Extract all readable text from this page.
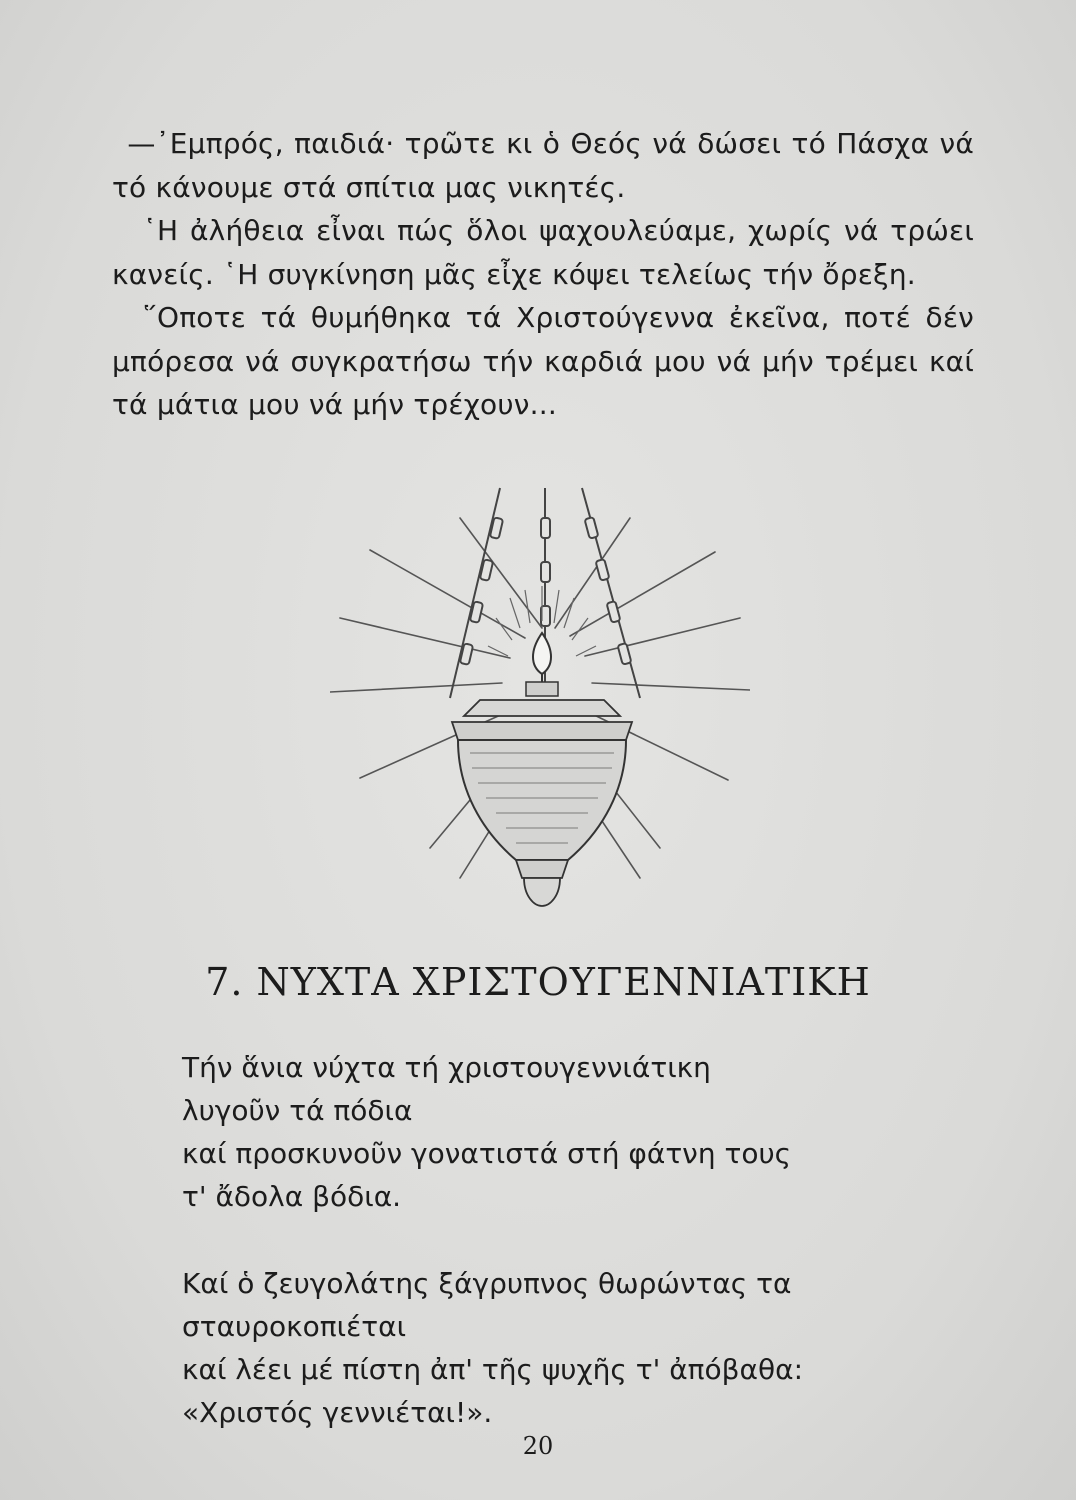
—᾿Εμπρός, παιδιά· τρῶτε κι ὁ Θεός νά δώσει τό Πάσχα νά τό κάνουμε στά σπίτια μας νικητές.

῾Η ἀλήθεια εἶναι πώς ὅλοι ψαχουλεύαμε, χωρίς νά τρώει κανείς. ῾Η συγκίνηση μᾶς εἶχε κόψει τελείως τήν ὄρεξη.

῞Οποτε τά θυμήθηκα τά Χριστούγεννα ἐκεῖνα, ποτέ δέν μπόρεσα νά συγκρατήσω τήν καρδιά μου νά μήν τρέμει καί τά μάτια μου νά μήν τρέχουν...

7. ΝΥΧΤΑ ΧΡΙΣΤΟΥΓΕΝΝΙΑΤΙΚΗ
Τήν ἅνια νύχτα τή χριστουγεννιάτικη
λυγοῦν τά πόδια
καί προσκυνοῦν γονατιστά στή φάτνη τους
τ' ἄδολα βόδια.
Καί ὁ ζευγολάτης ξάγρυπνος θωρώντας τα
σταυροκοπιέται
καί λέει μέ πίστη ἀπ' τῆς ψυχῆς τ' ἀπόβαθα:
«Χριστός γεννιέται!».
20
